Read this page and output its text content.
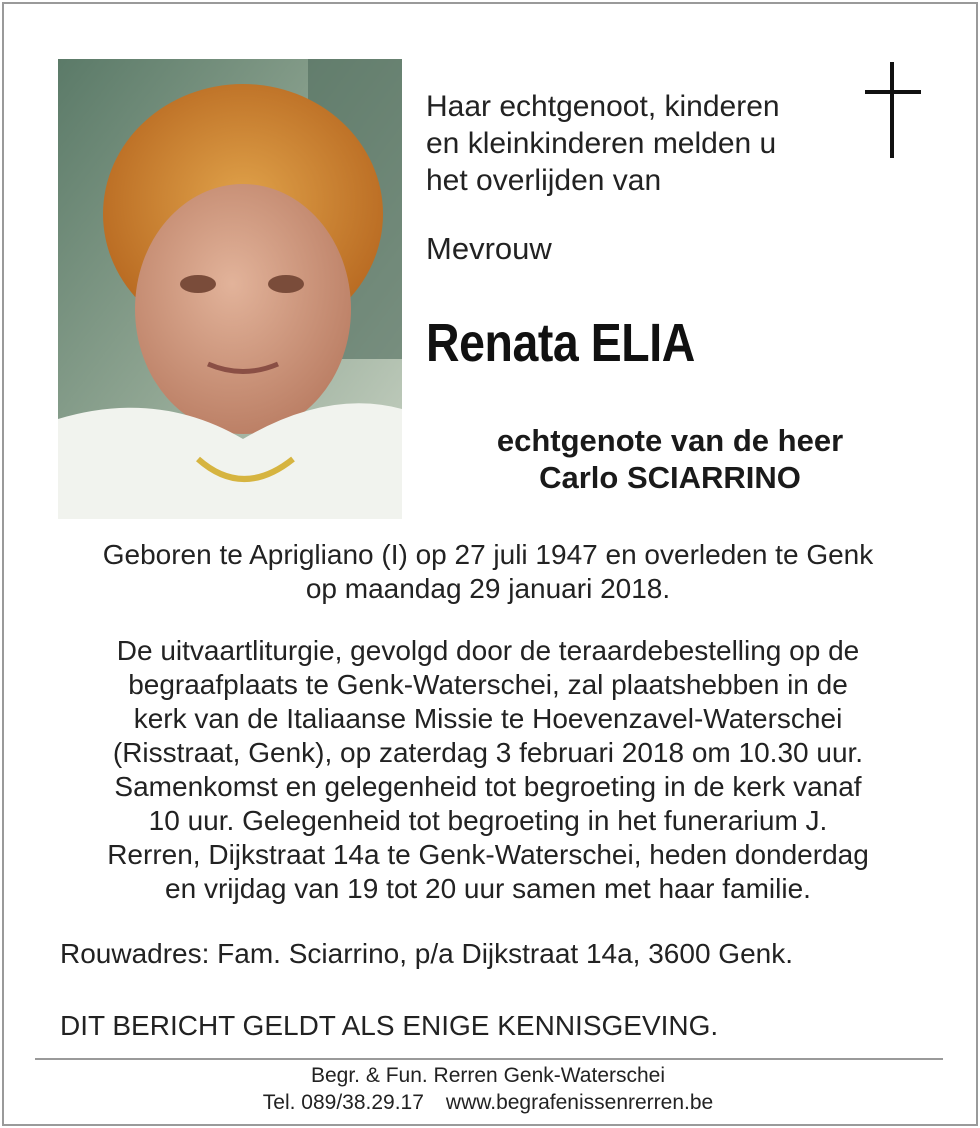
Haar echtgenoot, kinderen
en kleinkinderen melden u
het overlijden van

Mevrouw

Renata ELIA
echtgenote van de heer
Carlo SCIARRINO

Geboren te Aprigliano (I) op 27 juli 1947 en overleden te Genk
op maandag 29 januari 2018.

De uitvaartliturgie, gevolgd door de teraardebestelling op de
begraafplaats te Genk-Waterschei, zal plaatshebben in de
kerk van de Italiaanse Missie te Hoevenzavel-Waterschei
(Risstraat, Genk), op zaterdag 3 februari 2018 om 10.30 uur.
Samenkomst en gelegenheid tot begroeting in de kerk vanaf
10 uur. Gelegenheid tot begroeting in het funerarium J.
Rerren, Dijkstraat 14a te Genk-Waterschei, heden donderdag
en vrijdag van 19 tot 20 uur samen met haar familie.

Rouwadres: Fam. Sciarrino, p/a Dijkstraat 14a, 3600 Genk.

DIT BERICHT GELDT ALS ENIGE KENNISGEVING.

Begr. & Fun. Rerren Genk-Waterschei
Tel. 089/38.29.17 www.begrafenissenrerren.be
